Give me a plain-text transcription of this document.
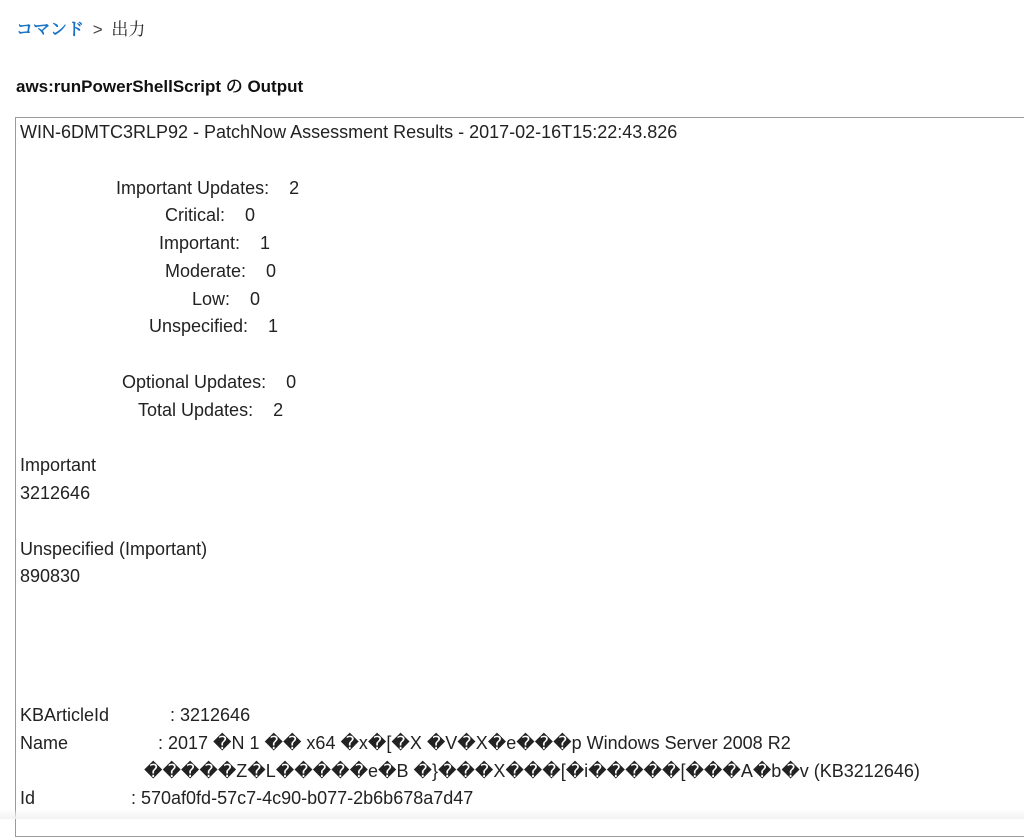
コマンド > 出力
aws:runPowerShellScript の Output
WIN-6DMTC3RLP92 - PatchNow Assessment Results - 2017-02-16T15:22:43.826
Important Updates:    2
Critical:    0
Important:    1
Moderate:    0
Low:    0
Unspecified:    1
Optional Updates:    0
Total Updates:    2
Important
3212646
Unspecified (Important)
890830
KBArticleId	: 3212646
Name	: 2017 �N 1 �� x64 �x�[�X �V�X�e���p Windows Server 2008 R2
�����Z�L�����e�B �}���X���[�i�����[���A�b�v (KB3212646)
Id	: 570af0fd-57c7-4c90-b077-2b6b678a7d47
